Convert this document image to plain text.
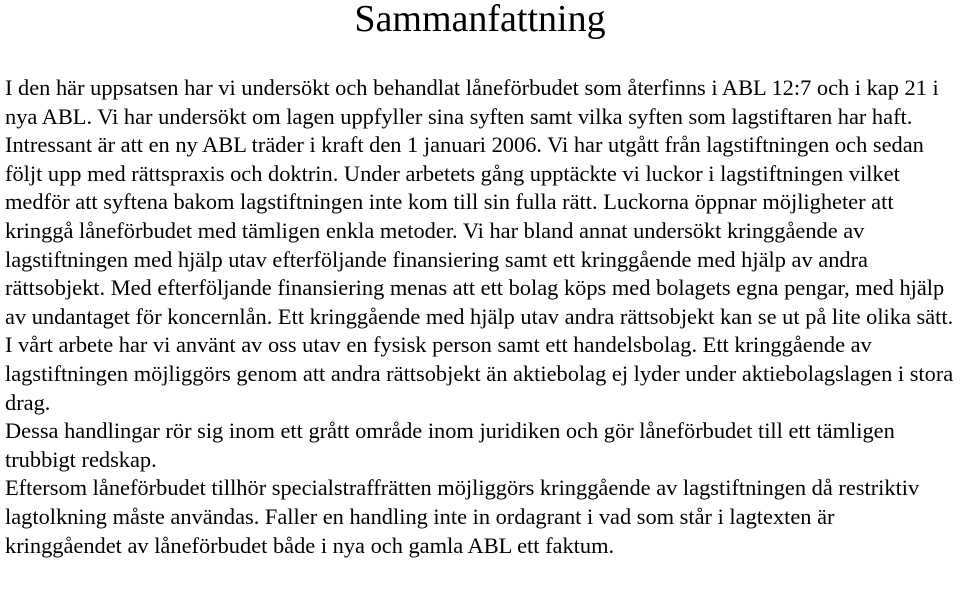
Sammanfattning

I den här uppsatsen har vi undersökt och behandlat låneförbudet som återfinns i ABL 12:7 och i kap 21 i nya ABL. Vi har undersökt om lagen uppfyller sina syften samt vilka syften som lagstiftaren har haft. Intressant är att en ny ABL träder i kraft den 1 januari 2006. Vi har utgått från lagstiftningen och sedan följt upp med rättspraxis och doktrin. Under arbetets gång upptäckte vi luckor i lagstiftningen vilket medför att syftena bakom lagstiftningen inte kom till sin fulla rätt. Luckorna öppnar möjligheter att kringgå låneförbudet med tämligen enkla metoder. Vi har bland annat undersökt kringgående av lagstiftningen med hjälp utav efterföljande finansiering samt ett kringgående med hjälp av andra rättsobjekt. Med efterföljande finansiering menas att ett bolag köps med bolagets egna pengar, med hjälp av undantaget för koncernlån. Ett kringgående med hjälp utav andra rättsobjekt kan se ut på lite olika sätt. I vårt arbete har vi använt av oss utav en fysisk person samt ett handelsbolag. Ett kringgående av lagstiftningen möjliggörs genom att andra rättsobjekt än aktiebolag ej lyder under aktiebolagslagen i stora drag.

Dessa handlingar rör sig inom ett grått område inom juridiken och gör låneförbudet till ett tämligen trubbigt redskap.

Eftersom låneförbudet tillhör specialstraffrätten möjliggörs kringgående av lagstiftningen då restriktiv lagtolkning måste användas. Faller en handling inte in ordagrant i vad som står i lagtexten är kringgåendet av låneförbudet både i nya och gamla ABL ett faktum.
